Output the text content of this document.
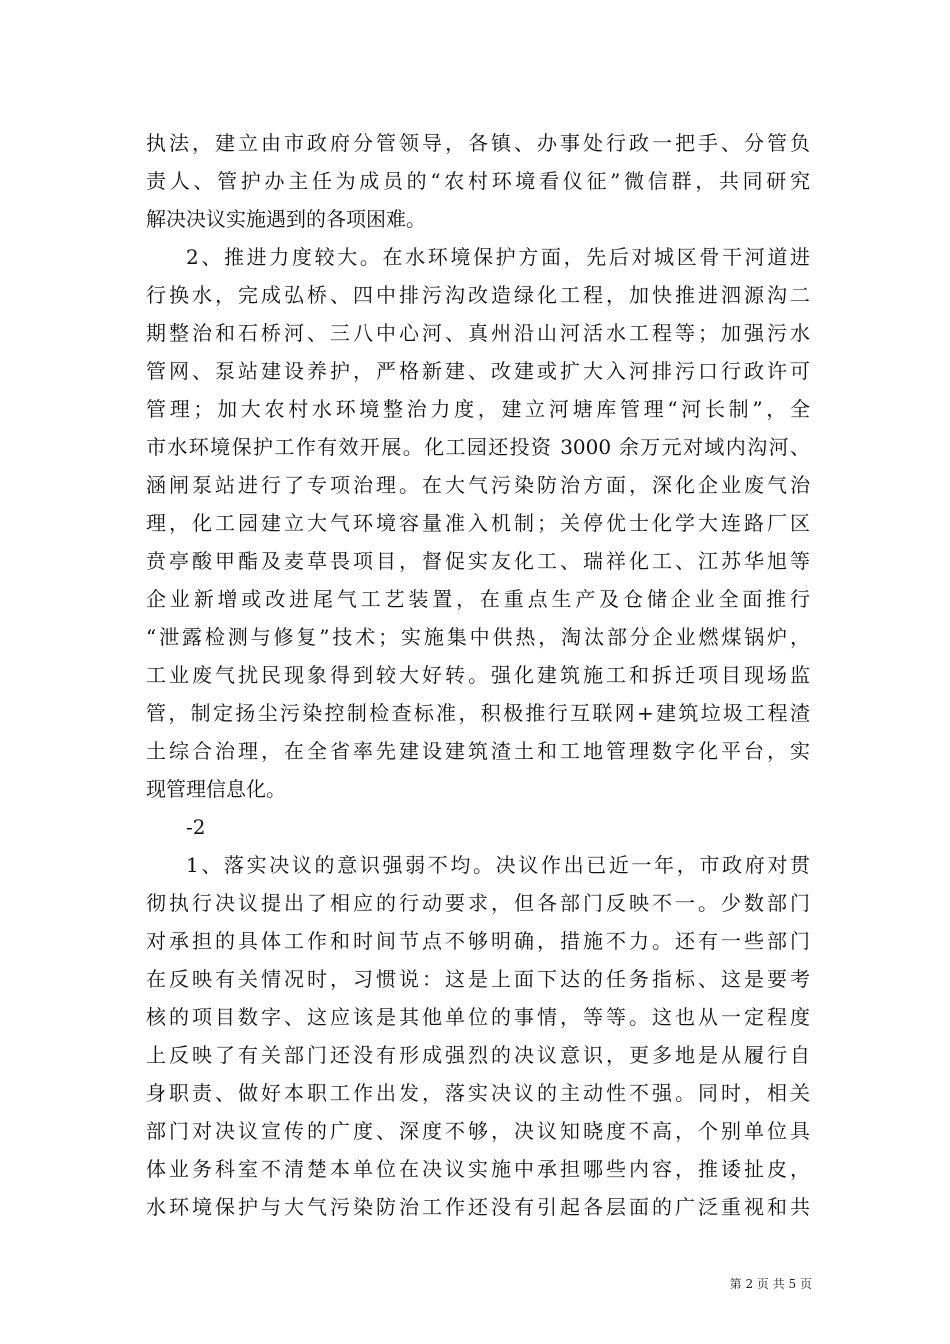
执法，建立由市政府分管领导，各镇、办事处行政一把手、分管负
责人、管护办主任为成员的“农村环境看仪征”微信群，共同研究
解决决议实施遇到的各项困难。
2、推进力度较大。在水环境保护方面，先后对城区骨干河道进
行换水，完成弘桥、四中排污沟改造绿化工程，加快推进泗源沟二
期整治和石桥河、三八中心河、真州沿山河活水工程等；加强污水
管网、泵站建设养护，严格新建、改建或扩大入河排污口行政许可
管理；加大农村水环境整治力度，建立河塘库管理“河长制”，全
市水环境保护工作有效开展。化工园还投资 3000 余万元对域内沟河、
涵闸泵站进行了专项治理。在大气污染防治方面，深化企业废气治
理，化工园建立大气环境容量准入机制；关停优士化学大连路厂区
贲亭酸甲酯及麦草畏项目，督促实友化工、瑞祥化工、江苏华旭等
企业新增或改进尾气工艺装置，在重点生产及仓储企业全面推行
“泄露检测与修复”技术；实施集中供热，淘汰部分企业燃煤锅炉，
工业废气扰民现象得到较大好转。强化建筑施工和拆迁项目现场监
管，制定扬尘污染控制检查标准，积极推行互联网+建筑垃圾工程渣
土综合治理，在全省率先建设建筑渣土和工地管理数字化平台，实
现管理信息化。
-2
1、落实决议的意识强弱不均。决议作出已近一年，市政府对贯
彻执行决议提出了相应的行动要求，但各部门反映不一。少数部门
对承担的具体工作和时间节点不够明确，措施不力。还有一些部门
在反映有关情况时，习惯说：这是上面下达的任务指标、这是要考
核的项目数字、这应该是其他单位的事情，等等。这也从一定程度
上反映了有关部门还没有形成强烈的决议意识，更多地是从履行自
身职责、做好本职工作出发，落实决议的主动性不强。同时，相关
部门对决议宣传的广度、深度不够，决议知晓度不高，个别单位具
体业务科室不清楚本单位在决议实施中承担哪些内容，推诿扯皮，
水环境保护与大气污染防治工作还没有引起各层面的广泛重视和共
第 2 页 共 5 页
